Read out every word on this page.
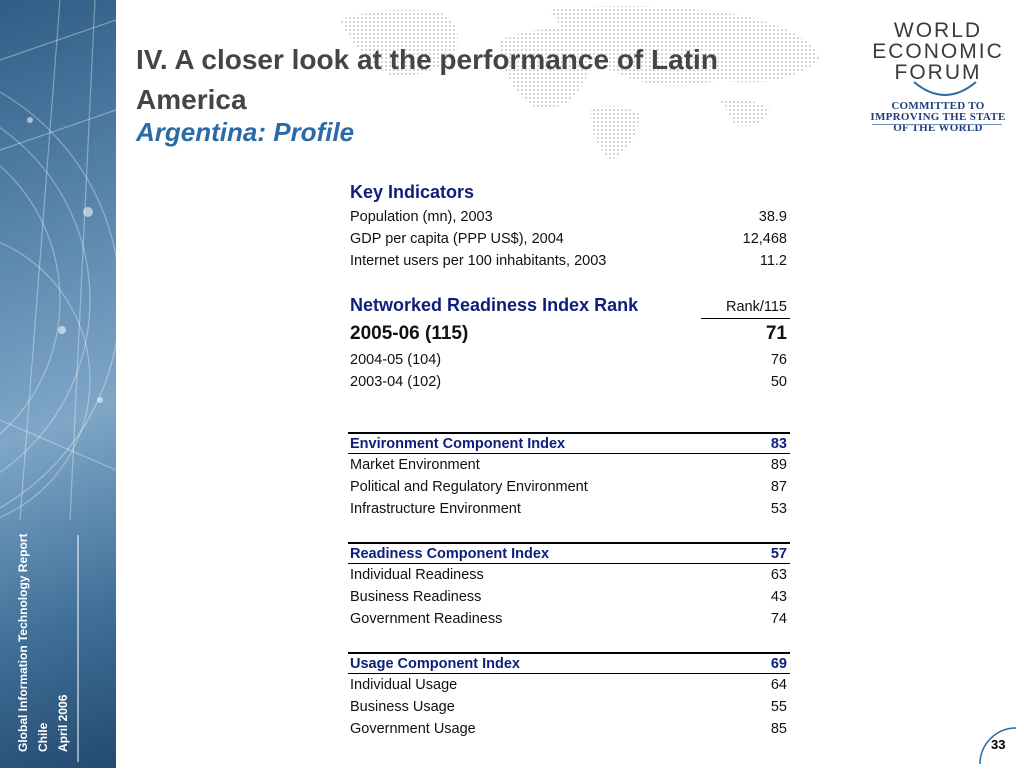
Global Information Technology Report Chile April 2006
IV. A closer look at the performance of Latin America
Argentina: Profile
WORLD
ECONOMIC
FORUM
COMMITTED TO
IMPROVING THE STATE
OF THE WORLD
Key Indicators
Population (mn), 2003	38.9
GDP per capita (PPP US$), 2004	12,468
Internet users per 100 inhabitants, 2003	11.2
Networked Readiness Index Rank	Rank/115
2005-06 (115)	71
2004-05 (104)	76
2003-04 (102)	50
Environment Component Index	83
Market Environment	89
Political and Regulatory Environment	87
Infrastructure Environment	53
Readiness Component Index	57
Individual Readiness	63
Business Readiness	43
Government Readiness	74
Usage Component Index	69
Individual Usage	64
Business Usage	55
Government Usage	85
33
